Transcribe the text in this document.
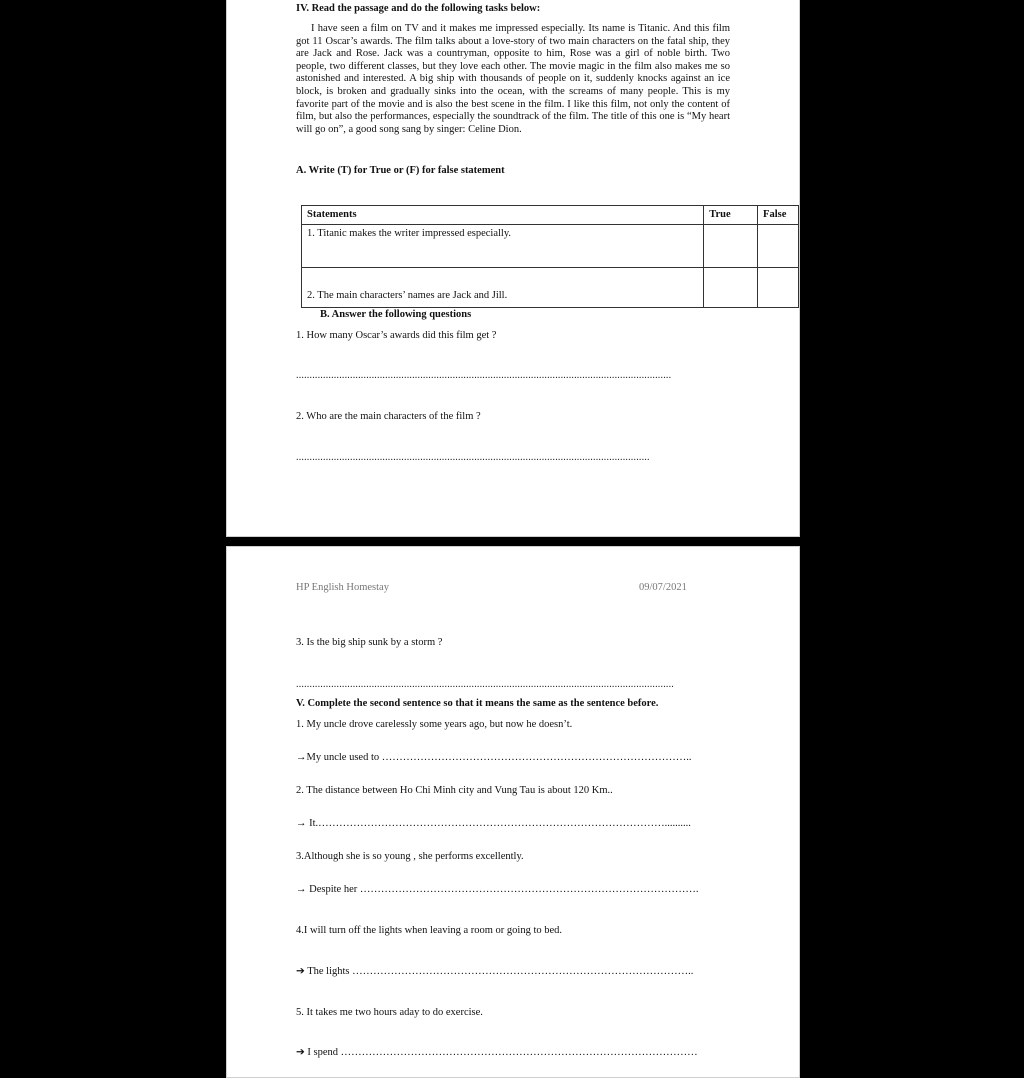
IV. Read the passage and do the following tasks below:

I have seen a film on TV and it makes me impressed especially. Its name is Titanic. And this film got 11 Oscar’s awards. The film talks about a love-story of two main characters on the fatal ship, they are Jack and Rose. Jack was a countryman, opposite to him, Rose was a girl of noble birth. Two people, two different classes, but they love each other. The movie magic in the film also makes me so astonished and interested. A big ship with thousands of people on it, suddenly knocks against an ice block, is broken and gradually sinks into the ocean, with the screams of many people. This is my favorite part of the movie and is also the best scene in the film. I like this film, not only the content of film, but also the performances, especially the soundtrack of the film. The title of this one is “My heart will go on”, a good song sang by singer: Celine Dion.

A. Write (T) for True or (F) for false statement
Statements	True	False
1. Titanic makes the writer impressed especially.		
2. The main characters’ names are Jack and Jill.		
B. Answer the following questions
1. How many Oscar’s awards did this film get ?
...........................................................................................................................................
2. Who are the main characters of the film ?
...................................................................................................................................
HP English Homestay	09/07/2021
3. Is the big ship sunk by a storm ?
............................................................................................................................................
V. Complete the second sentence so that it means the same as the sentence before.
1. My uncle drove carelessly some years ago, but now he doesn’t.
→My uncle used to ……………………………………………………………………………..
2. The distance between Ho Chi Minh city and Vung Tau is about 120 Km..
→ It.………………………………………………………………………………………..........
3.Although she is so young , she performs excellently.
→ Despite her …………………………………………………………………………………….
4.I will turn off the lights when leaving a room or going to bed.
➔ The lights ……………………………………………………………………………………..
5. It takes me two hours aday to do exercise.
➔ I spend …………………………………………………………………………………………
